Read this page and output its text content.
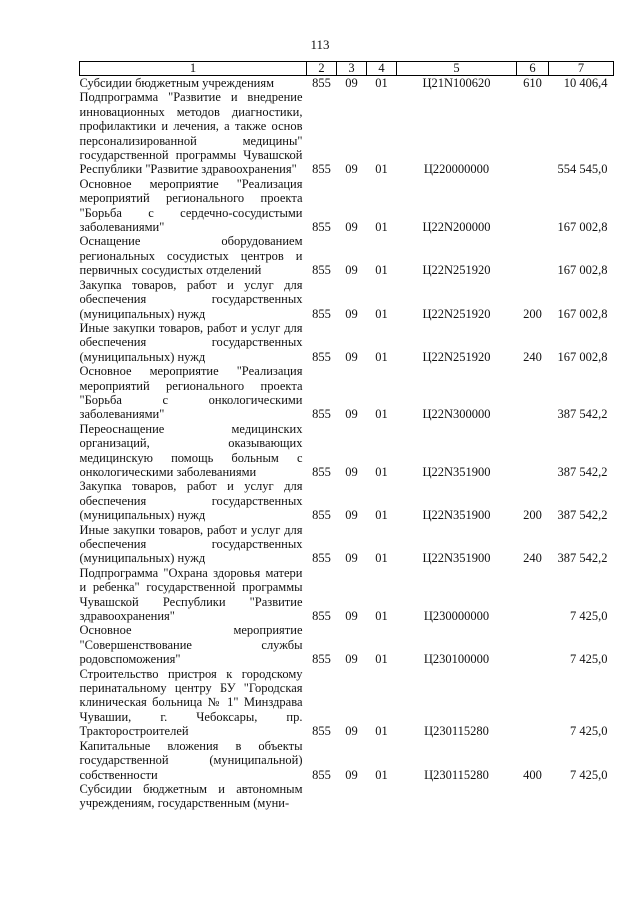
113
1	2	3	4	5	6	7
Субсидии бюджетным учреждениям	855	09	01	Ц21N100620	610	10 406,4
Подпрограмма "Развитие и внедрение инновационных методов диагностики, профилактики и лечения, а также основ персонализированной медицины" государственной программы Чувашской Республики "Развитие здравоохранения"	855	09	01	Ц220000000		554 545,0
Основное мероприятие "Реализация мероприятий регионального проекта "Борьба с сердечно-сосудистыми заболеваниями"	855	09	01	Ц22N200000		167 002,8
Оснащение оборудованием региональных сосудистых центров и первичных сосудистых отделений	855	09	01	Ц22N251920		167 002,8
Закупка товаров, работ и услуг для обеспечения государственных (муниципальных) нужд	855	09	01	Ц22N251920	200	167 002,8
Иные закупки товаров, работ и услуг для обеспечения государственных (муниципальных) нужд	855	09	01	Ц22N251920	240	167 002,8
Основное мероприятие "Реализация мероприятий регионального проекта "Борьба с онкологическими заболеваниями"	855	09	01	Ц22N300000		387 542,2
Переоснащение медицинских организаций, оказывающих медицинскую помощь больным с онкологическими заболеваниями	855	09	01	Ц22N351900		387 542,2
Закупка товаров, работ и услуг для обеспечения государственных (муниципальных) нужд	855	09	01	Ц22N351900	200	387 542,2
Иные закупки товаров, работ и услуг для обеспечения государственных (муниципальных) нужд	855	09	01	Ц22N351900	240	387 542,2
Подпрограмма "Охрана здоровья матери и ребенка" государственной программы Чувашской Республики "Развитие здравоохранения"	855	09	01	Ц230000000		7 425,0
Основное мероприятие "Совершенствование службы родовспоможения"	855	09	01	Ц230100000		7 425,0
Строительство пристроя к городскому перинатальному центру БУ "Городская клиническая больница № 1" Минздрава Чувашии, г. Чебоксары, пр. Тракторостроителей	855	09	01	Ц230115280		7 425,0
Капитальные вложения в объекты государственной (муниципальной) собственности	855	09	01	Ц230115280	400	7 425,0
Субсидии бюджетным и автономным учреждениям, государственным (муни-						
